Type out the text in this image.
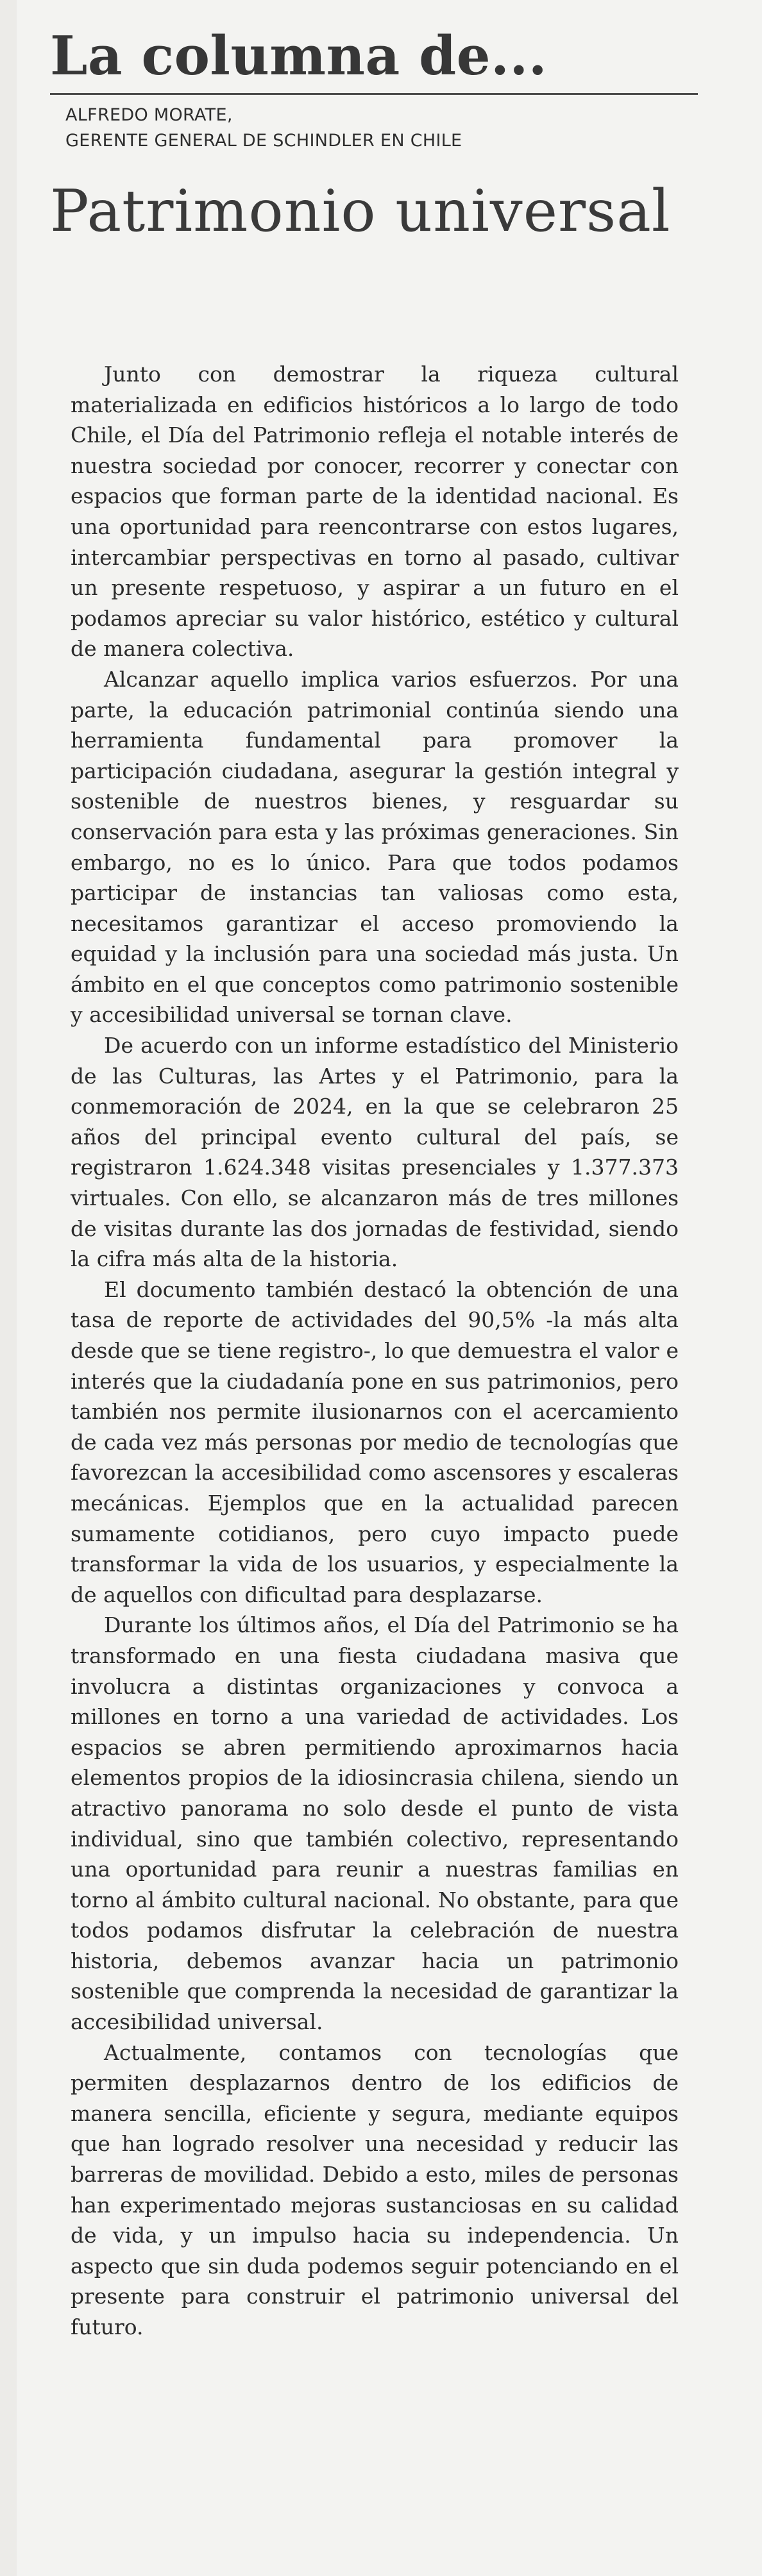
La columna de...
ALFREDO MORATE,
GERENTE GENERAL DE SCHINDLER EN CHILE
Patrimonio universal

Junto con demostrar la riqueza cultural materializada en edificios históricos a lo largo de todo Chile, el Día del Patrimonio refleja el notable interés de nuestra sociedad por conocer, recorrer y conectar con espacios que forman parte de la identidad nacional. Es una oportunidad para reencontrarse con estos lugares, intercambiar perspectivas en torno al pasado, cultivar un presente respetuoso, y aspirar a un futuro en el podamos apreciar su valor histórico, estético y cultural de manera colectiva.

Alcanzar aquello implica varios esfuerzos. Por una parte, la educación patrimonial continúa siendo una herramienta fundamental para promover la participación ciudadana, asegurar la gestión integral y sostenible de nuestros bienes, y resguardar su conservación para esta y las próximas generaciones. Sin embargo, no es lo único. Para que todos podamos participar de instancias tan valiosas como esta, necesitamos garantizar el acceso promoviendo la equidad y la inclusión para una sociedad más justa. Un ámbito en el que conceptos como patrimonio sostenible y accesibilidad universal se tornan clave.

De acuerdo con un informe estadístico del Ministerio de las Culturas, las Artes y el Patrimonio, para la conmemoración de 2024, en la que se celebraron 25 años del principal evento cultural del país, se registraron 1.624.348 visitas presenciales y 1.377.373 virtuales. Con ello, se alcanzaron más de tres millones de visitas durante las dos jornadas de festividad, siendo la cifra más alta de la historia.

El documento también destacó la obtención de una tasa de reporte de actividades del 90,5% -la más alta desde que se tiene registro-, lo que demuestra el valor e interés que la ciudadanía pone en sus patrimonios, pero también nos permite ilusionarnos con el acercamiento de cada vez más personas por medio de tecnologías que favorezcan la accesibilidad como ascensores y escaleras mecánicas. Ejemplos que en la actualidad parecen sumamente cotidianos, pero cuyo impacto puede transformar la vida de los usuarios, y especialmente la de aquellos con dificultad para desplazarse.

Durante los últimos años, el Día del Patrimonio se ha transformado en una fiesta ciudadana masiva que involucra a distintas organizaciones y convoca a millones en torno a una variedad de actividades. Los espacios se abren permitiendo aproximarnos hacia elementos propios de la idiosincrasia chilena, siendo un atractivo panorama no solo desde el punto de vista individual, sino que también colectivo, representando una oportunidad para reunir a nuestras familias en torno al ámbito cultural nacional. No obstante, para que todos podamos disfrutar la celebración de nuestra historia, debemos avanzar hacia un patrimonio sostenible que comprenda la necesidad de garantizar la accesibilidad universal.

Actualmente, contamos con tecnologías que permiten desplazarnos dentro de los edificios de manera sencilla, eficiente y segura, mediante equipos que han logrado resolver una necesidad y reducir las barreras de movilidad. Debido a esto, miles de personas han experimentado mejoras sustanciosas en su calidad de vida, y un impulso hacia su independencia. Un aspecto que sin duda podemos seguir potenciando en el presente para construir el patrimonio universal del futuro.
